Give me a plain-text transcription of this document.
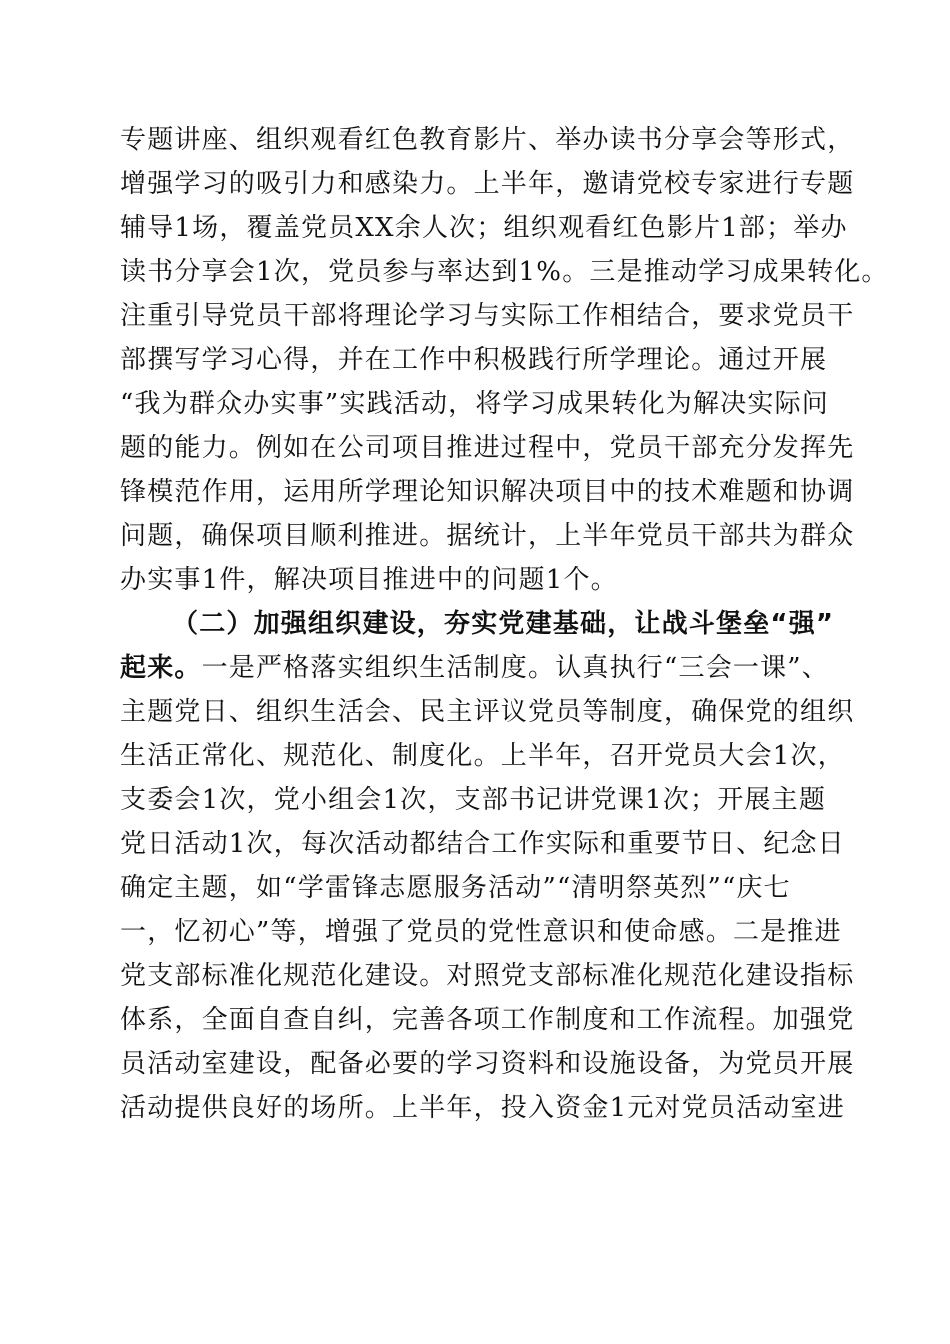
专题讲座、组织观看红色教育影片、举办读书分享会等形式，
增强学习的吸引力和感染力。上半年，邀请党校专家进行专题
辅导1场，覆盖党员XX余人次；组织观看红色影片1部；举办
读书分享会1次，党员参与率达到1%。三是推动学习成果转化。
注重引导党员干部将理论学习与实际工作相结合，要求党员干
部撰写学习心得，并在工作中积极践行所学理论。通过开展
“我为群众办实事”实践活动，将学习成果转化为解决实际问
题的能力。例如在公司项目推进过程中，党员干部充分发挥先
锋模范作用，运用所学理论知识解决项目中的技术难题和协调
问题，确保项目顺利推进。据统计，上半年党员干部共为群众
办实事1件，解决项目推进中的问题1个。
（二）加强组织建设，夯实党建基础，让战斗堡垒“强”
起来。一是严格落实组织生活制度。认真执行“三会一课”、
主题党日、组织生活会、民主评议党员等制度，确保党的组织
生活正常化、规范化、制度化。上半年，召开党员大会1次，
支委会1次，党小组会1次，支部书记讲党课1次；开展主题
党日活动1次，每次活动都结合工作实际和重要节日、纪念日
确定主题，如“学雷锋志愿服务活动”“清明祭英烈”“庆七
一，忆初心”等，增强了党员的党性意识和使命感。二是推进
党支部标准化规范化建设。对照党支部标准化规范化建设指标
体系，全面自查自纠，完善各项工作制度和工作流程。加强党
员活动室建设，配备必要的学习资料和设施设备，为党员开展
活动提供良好的场所。上半年，投入资金1元对党员活动室进
